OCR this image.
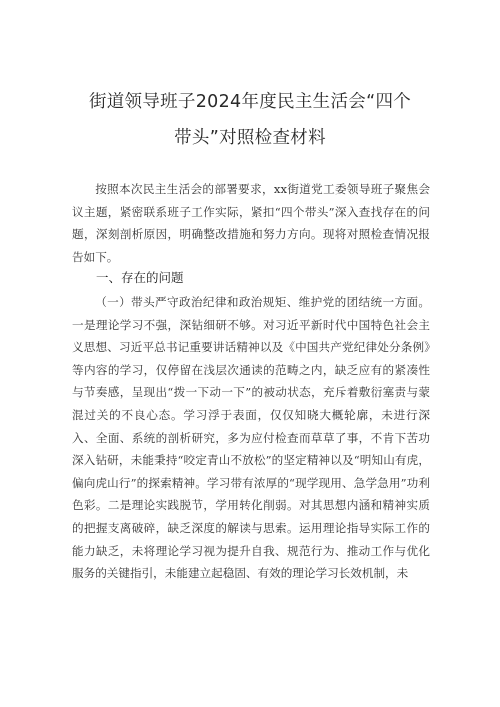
街道领导班子2024年度民主生活会“四个
带头”对照检查材料

按照本次民主生活会的部署要求，xx街道党工委领导班子聚焦会议主题，紧密联系班子工作实际，紧扣“四个带头”深入查找存在的问题，深刻剖析原因，明确整改措施和努力方向。现将对照检查情况报告如下。

一、存在的问题

（一）带头严守政治纪律和政治规矩、维护党的团结统一方面。一是理论学习不强，深钻细研不够。对习近平新时代中国特色社会主义思想、习近平总书记重要讲话精神以及《中国共产党纪律处分条例》等内容的学习，仅停留在浅层次通读的范畴之内，缺乏应有的紧凑性与节奏感，呈现出“拨一下动一下”的被动状态，充斥着敷衍塞责与蒙混过关的不良心态。学习浮于表面，仅仅知晓大概轮廓，未进行深入、全面、系统的剖析研究，多为应付检查而草草了事，不肯下苦功深入钻研，未能秉持“咬定青山不放松”的坚定精神以及“明知山有虎，偏向虎山行”的探索精神。学习带有浓厚的“现学现用、急学急用”功利色彩。二是理论实践脱节，学用转化削弱。对其思想内涵和精神实质的把握支离破碎，缺乏深度的解读与思索。运用理论指导实际工作的能力缺乏，未将理论学习视为提升自我、规范行为、推动工作与优化服务的关键指引，未能建立起稳固、有效的理论学习长效机制，未
